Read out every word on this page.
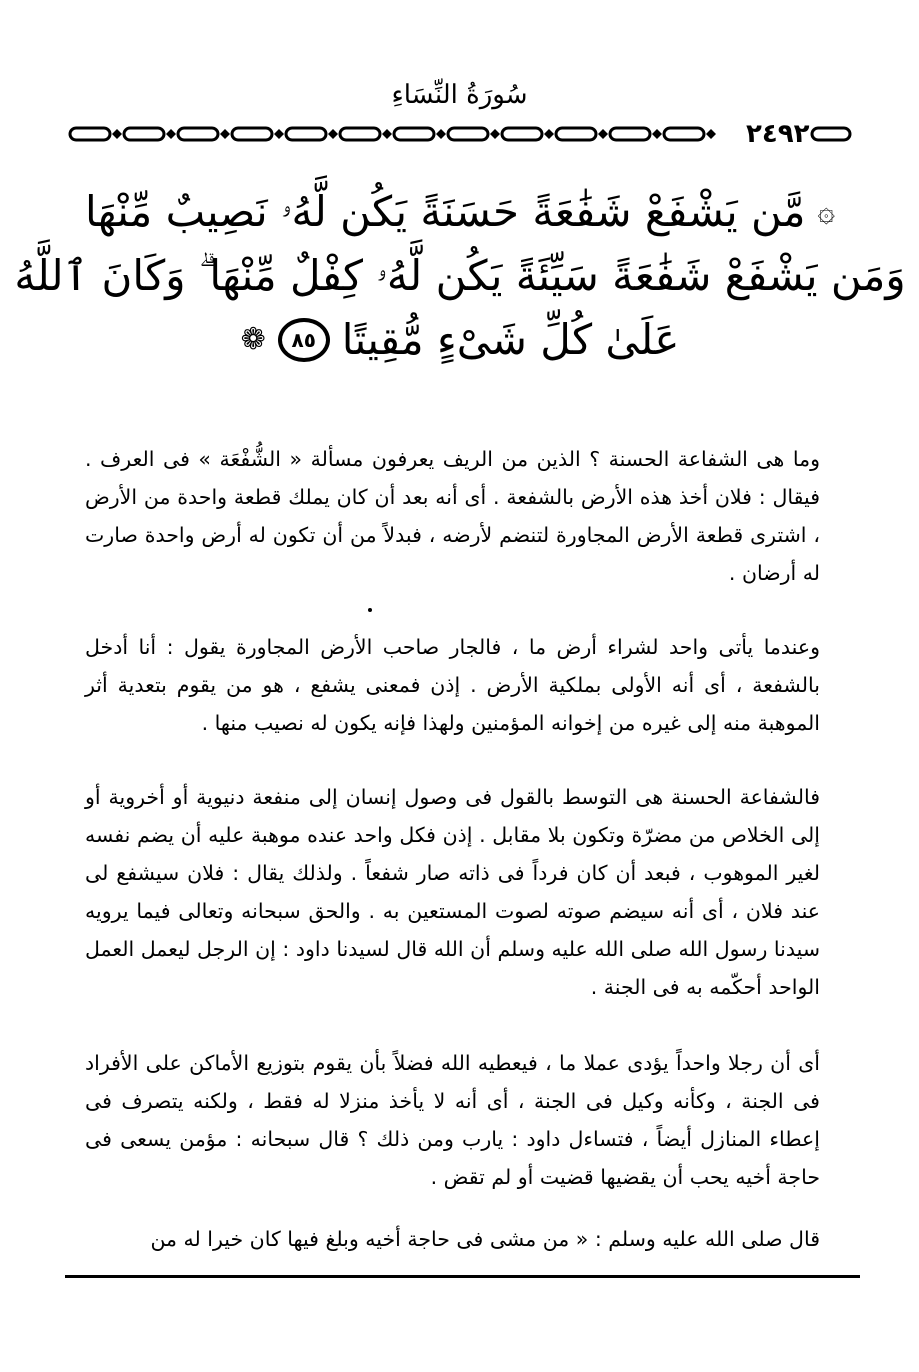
سُورَةُ النِّسَاءِ
٢٤٩٢
۞
مَّن يَشْفَعْ شَفَٰعَةً حَسَنَةً يَكُن لَّهُۥ نَصِيبٌ مِّنْهَا
وَمَن يَشْفَعْ شَفَٰعَةً سَيِّئَةً يَكُن لَّهُۥ كِفْلٌ مِّنْهَا ۗ وَكَانَ ٱللَّهُ
عَلَىٰ كُلِّ شَىْءٍ مُّقِيتًا
٨٥
❁
وما هى الشفاعة الحسنة ؟ الذين من الريف يعرفون مسألة « الشُّفْعَة » فى العرف . فيقال : فلان أخذ هذه الأرض بالشفعة . أى أنه بعد أن كان يملك قطعة واحدة من الأرض ، اشترى قطعة الأرض المجاورة لتنضم لأرضه ، فبدلاً من أن تكون له أرض واحدة صارت له أرضان .
وعندما يأتى واحد لشراء أرض ما ، فالجار صاحب الأرض المجاورة يقول : أنا أدخل بالشفعة ، أى أنه الأولى بملكية الأرض . إذن فمعنى يشفع ، هو من يقوم بتعدية أثر الموهبة منه إلى غيره من إخوانه المؤمنين ولهذا فإنه يكون له نصيب منها .
فالشفاعة الحسنة هى التوسط بالقول فى وصول إنسان إلى منفعة دنيوية أو أخروية أو إلى الخلاص من مضرّة وتكون بلا مقابل . إذن فكل واحد عنده موهبة عليه أن يضم نفسه لغير الموهوب ، فبعد أن كان فرداً فى ذاته صار شفعاً . ولذلك يقال : فلان سيشفع لى عند فلان ، أى أنه سيضم صوته لصوت المستعين به . والحق سبحانه وتعالى فيما يرويه سيدنا رسول الله صلى الله عليه وسلم أن الله قال لسيدنا داود : إن الرجل ليعمل العمل الواحد أحكّمه به فى الجنة .
أى أن رجلا واحداً يؤدى عملا ما ، فيعطيه الله فضلاً بأن يقوم بتوزيع الأماكن على الأفراد فى الجنة ، وكأنه وكيل فى الجنة ، أى أنه لا يأخذ منزلا له فقط ، ولكنه يتصرف فى إعطاء المنازل أيضاً ، فتساءل داود : يارب ومن ذلك ؟ قال سبحانه : مؤمن يسعى فى حاجة أخيه يحب أن يقضيها قضيت أو لم تقض .
قال صلى الله عليه وسلم : « من مشى فى حاجة أخيه وبلغ فيها كان خيرا له من
